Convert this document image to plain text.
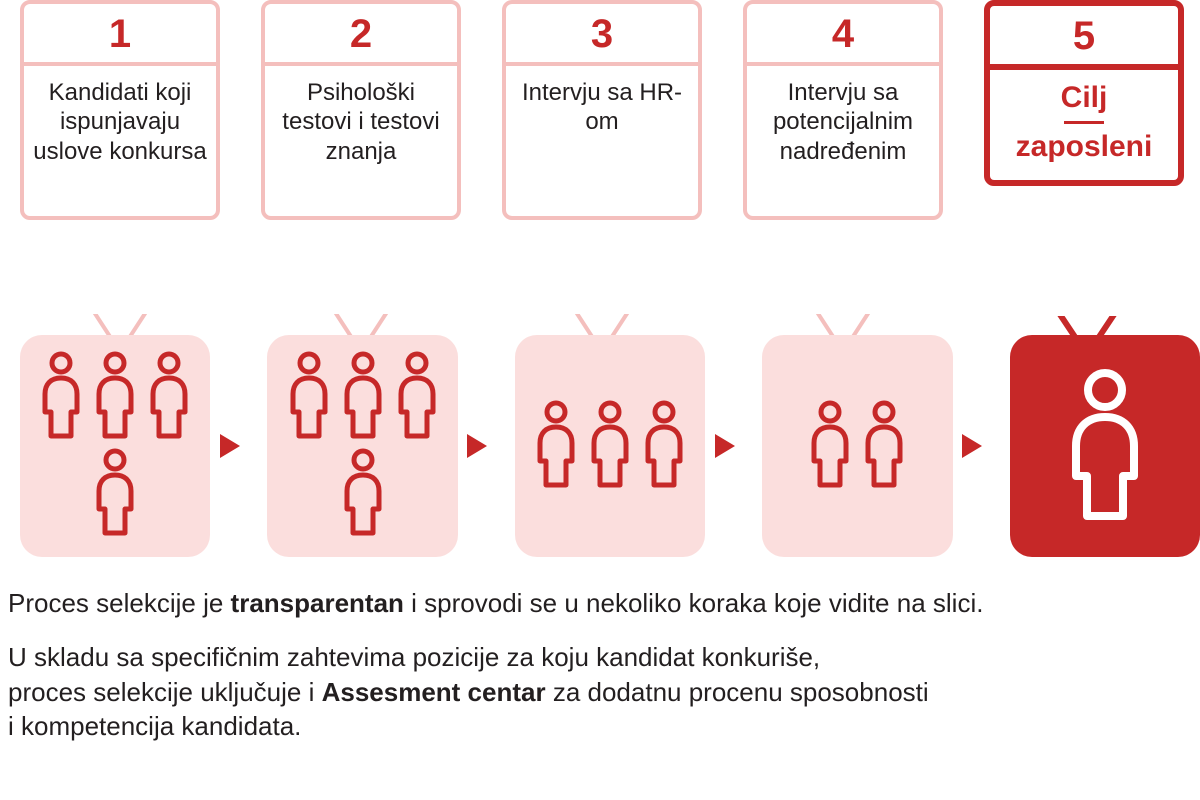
1
Kandidati koji ispunjavaju uslove konkursa
2
Psihološki testovi i testovi znanja
3
Intervju sa HR-om
4
Intervju sa potencijalnim nadređenim
5
Cilj
zaposleni
Proces selekcije je transparentan i sprovodi se u nekoliko koraka koje vidite na slici.
U skladu sa specifičnim zahtevima pozicije za koju kandidat konkuriše,
proces selekcije uključuje i Assesment centar za dodatnu procenu sposobnosti
i kompetencija kandidata.
